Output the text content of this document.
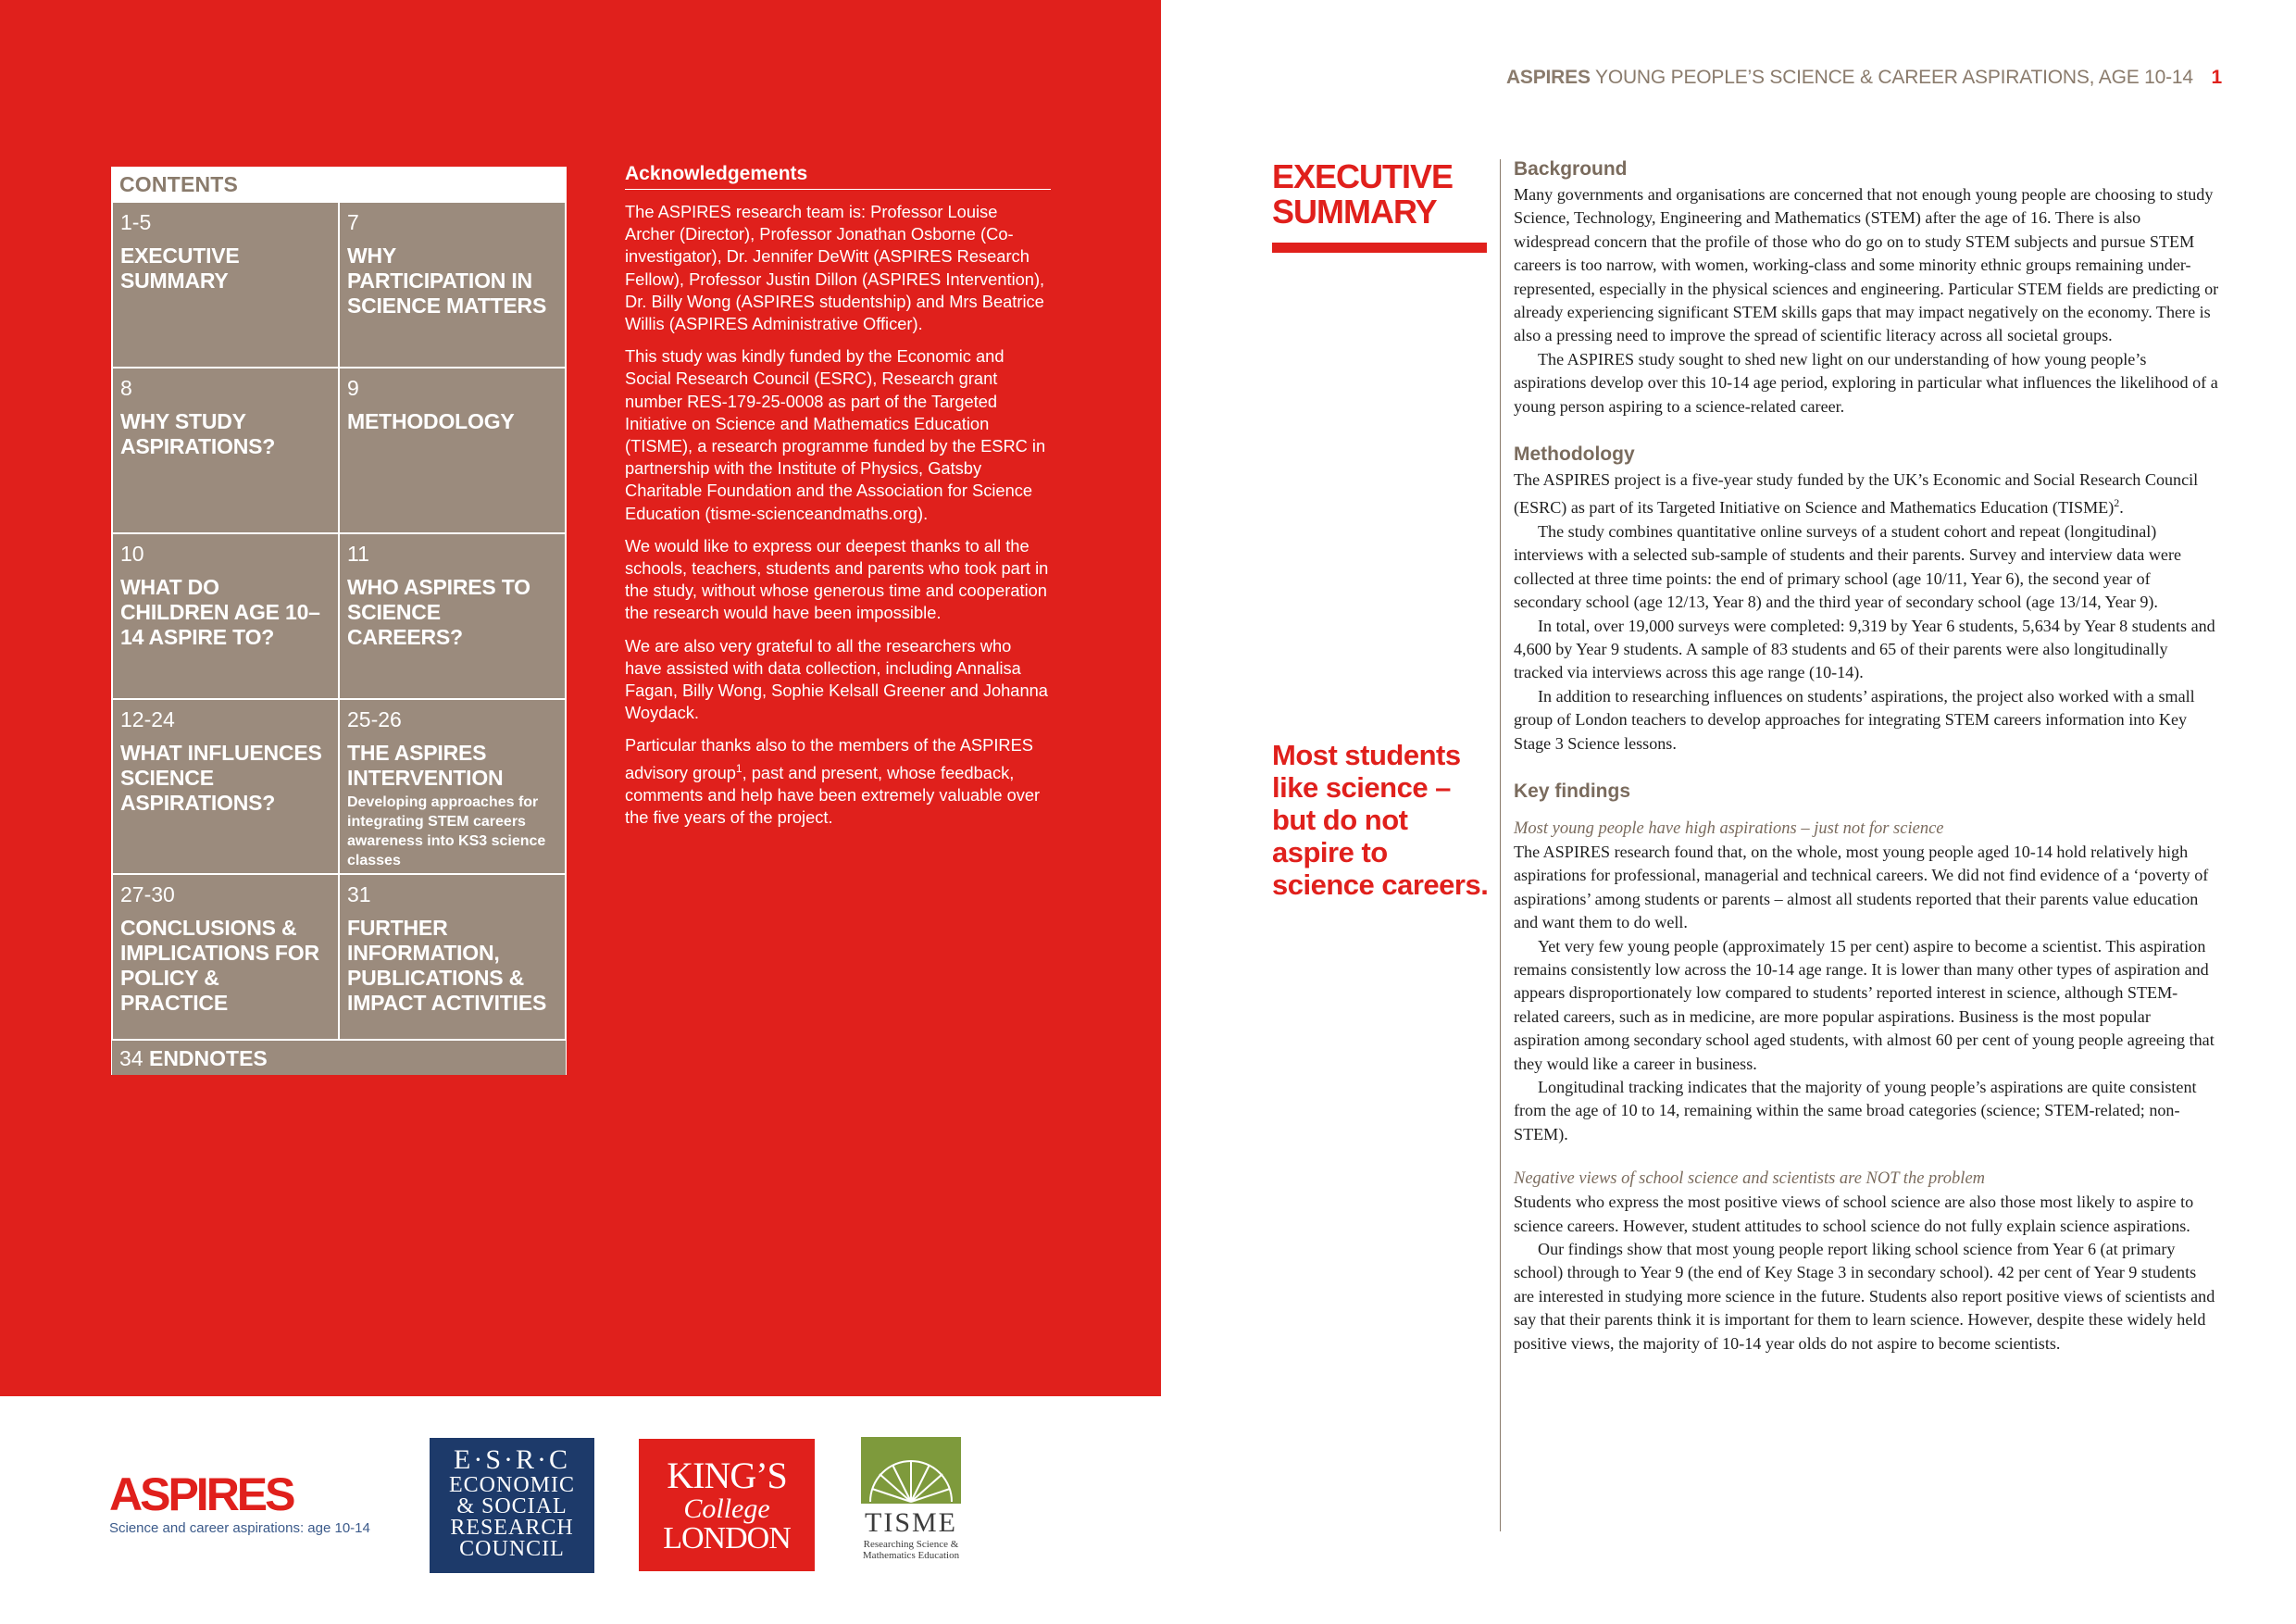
CONTENTS
1-5
EXECUTIVE SUMMARY
7
WHY PARTICIPATION IN SCIENCE MATTERS
8
WHY STUDY ASPIRATIONS?
9
METHODOLOGY
10
WHAT DO CHILDREN AGE 10–14 ASPIRE TO?
11
WHO ASPIRES TO SCIENCE CAREERS?
12-24
WHAT INFLUENCES SCIENCE ASPIRATIONS?
25-26
THE ASPIRES INTERVENTION
Developing approaches for integrating STEM careers awareness into KS3 science classes
27-30
CONCLUSIONS & IMPLICATIONS FOR POLICY & PRACTICE
31
FURTHER INFORMATION, PUBLICATIONS & IMPACT ACTIVITIES
34 ENDNOTES
Acknowledgements

The ASPIRES research team is: Professor Louise Archer (Director), Professor Jonathan Osborne (Co-investigator), Dr. Jennifer DeWitt (ASPIRES Research Fellow), Professor Justin Dillon (ASPIRES Intervention), Dr. Billy Wong (ASPIRES studentship) and Mrs Beatrice Willis (ASPIRES Administrative Officer).

This study was kindly funded by the Economic and Social Research Council (ESRC), Research grant number RES-179-25-0008 as part of the Targeted Initiative on Science and Mathematics Education (TISME), a research programme funded by the ESRC in partnership with the Institute of Physics, Gatsby Charitable Foundation and the Association for Science Education (tisme-scienceandmaths.org).

We would like to express our deepest thanks to all the schools, teachers, students and parents who took part in the study, without whose generous time and cooperation the research would have been impossible.

We are also very grateful to all the researchers who have assisted with data collection, including Annalisa Fagan, Billy Wong, Sophie Kelsall Greener and Johanna Woydack.

Particular thanks also to the members of the ASPIRES advisory group$^1$, past and present, whose feedback, comments and help have been extremely valuable over the five years of the project.

ASPIRES
Science and career aspirations: age 10-14
E·S·R·C
ECONOMIC
& SOCIAL
RESEARCH
COUNCIL
KING’S
College
LONDON	TISME
Researching Science &
Mathematics Education
ASPIRES YOUNG PEOPLE’S SCIENCE & CAREER ASPIRATIONS, AGE 10-14 1
EXECUTIVE
SUMMARY
Most students like science – but do not aspire to science careers.
Background

Many governments and organisations are concerned that not enough young people are choosing to study Science, Technology, Engineering and Mathematics (STEM) after the age of 16. There is also widespread concern that the profile of those who do go on to study STEM subjects and pursue STEM careers is too narrow, with women, working-class and some minority ethnic groups remaining under-represented, especially in the physical sciences and engineering. Particular STEM fields are predicting or already experiencing significant STEM skills gaps that may impact negatively on the economy. There is also a pressing need to improve the spread of scientific literacy across all societal groups.

The ASPIRES study sought to shed new light on our understanding of how young people’s aspirations develop over this 10-14 age period, exploring in particular what influences the likelihood of a young person aspiring to a science-related career.

Methodology

The ASPIRES project is a five-year study funded by the UK’s Economic and Social Research Council (ESRC) as part of its Targeted Initiative on Science and Mathematics Education (TISME)$^2$.

The study combines quantitative online surveys of a student cohort and repeat (longitudinal) interviews with a selected sub-sample of students and their parents. Survey and interview data were collected at three time points: the end of primary school (age 10/11, Year 6), the second year of secondary school (age 12/13, Year 8) and the third year of secondary school (age 13/14, Year 9).

In total, over 19,000 surveys were completed: 9,319 by Year 6 students, 5,634 by Year 8 students and 4,600 by Year 9 students. A sample of 83 students and 65 of their parents were also longitudinally tracked via interviews across this age range (10-14).

In addition to researching influences on students’ aspirations, the project also worked with a small group of London teachers to develop approaches for integrating STEM careers information into Key Stage 3 Science lessons.

Key findings
Most young people have high aspirations – just not for science

The ASPIRES research found that, on the whole, most young people aged 10-14 hold relatively high aspirations for professional, managerial and technical careers. We did not find evidence of a ‘poverty of aspirations’ among students or parents – almost all students reported that their parents value education and want them to do well.

Yet very few young people (approximately 15 per cent) aspire to become a scientist. This aspiration remains consistently low across the 10-14 age range. It is lower than many other types of aspiration and appears disproportionately low compared to students’ reported interest in science, although STEM-related careers, such as in medicine, are more popular aspirations. Business is the most popular aspiration among secondary school aged students, with almost 60 per cent of young people agreeing that they would like a career in business.

Longitudinal tracking indicates that the majority of young people’s aspirations are quite consistent from the age of 10 to 14, remaining within the same broad categories (science; STEM-related; non-STEM).

Negative views of school science and scientists are NOT the problem

Students who express the most positive views of school science are also those most likely to aspire to science careers. However, student attitudes to school science do not fully explain science aspirations.

Our findings show that most young people report liking school science from Year 6 (at primary school) through to Year 9 (the end of Key Stage 3 in secondary school). 42 per cent of Year 9 students are interested in studying more science in the future. Students also report positive views of scientists and say that their parents think it is important for them to learn science. However, despite these widely held positive views, the majority of 10-14 year olds do not aspire to become scientists.
